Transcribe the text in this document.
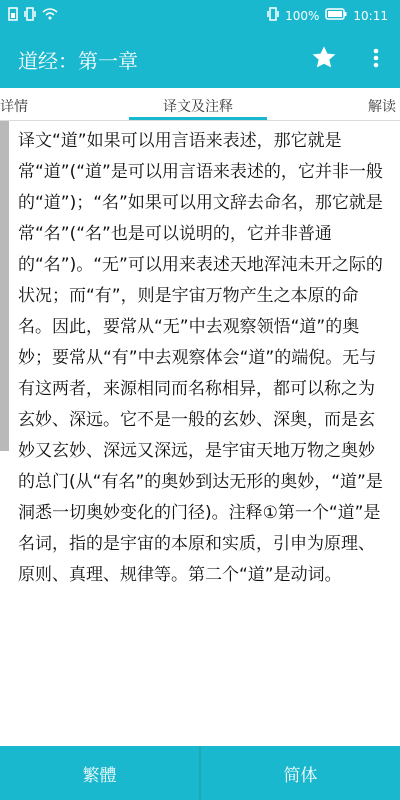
100%	10:11
道经：第一章
详情	译文及注释	解读

译文“道”如果可以用言语来表述，那它就是常“道”(“道”是可以用言语来表述的，它并非一般的“道”)；“名”如果可以用文辞去命名，那它就是常“名”(“名”也是可以说明的，它并非普通的“名”)。“无”可以用来表述天地浑沌未开之际的状况；而“有”，则是宇宙万物产生之本原的命名。因此，要常从“无”中去观察领悟“道”的奥妙；要常从“有”中去观察体会“道”的端倪。无与有这两者，来源相同而名称相异，都可以称之为玄妙、深远。它不是一般的玄妙、深奥，而是玄妙又玄妙、深远又深远，是宇宙天地万物之奥妙的总门(从“有名”的奥妙到达无形的奥妙，“道”是洞悉一切奥妙变化的门径)。注释①第一个“道”是名词，指的是宇宙的本原和实质，引申为原理、原则、真理、规律等。第二个“道”是动词。

繁體	简体
